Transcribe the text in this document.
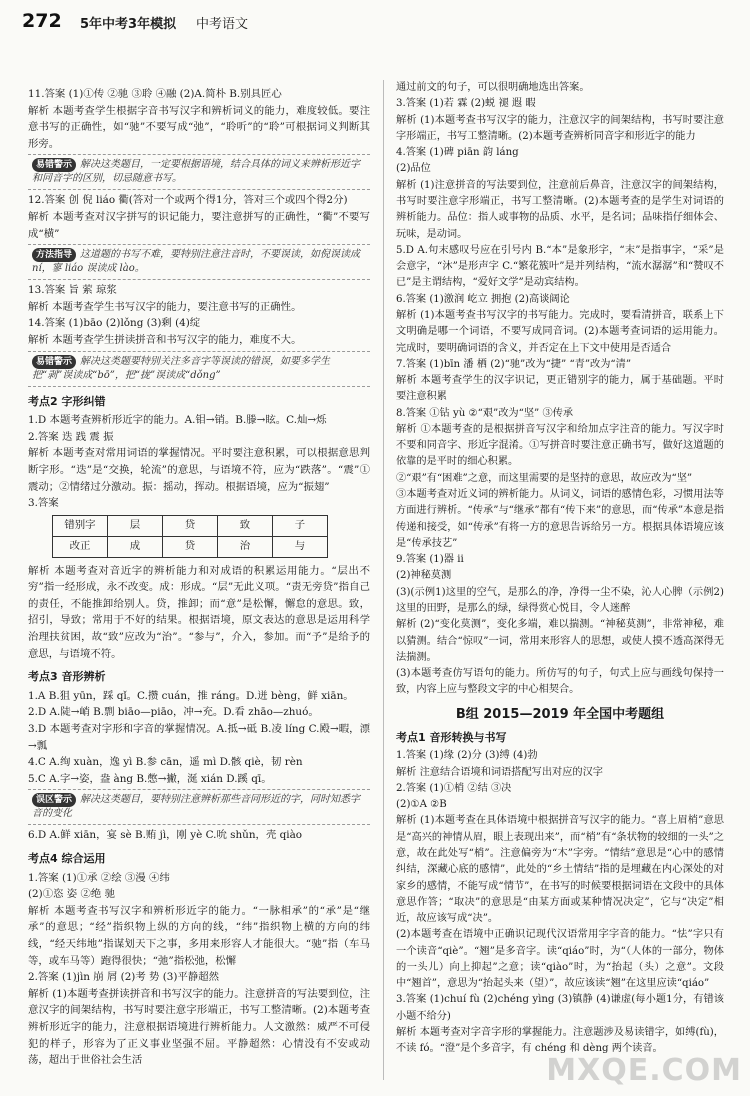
272 5年中考3年模拟 中考语文

11.答案 (1)①传 ②驰 ③聆 ④融 (2)A.简朴 B.别具匠心

解析 本题考查学生根据字音书写汉字和辨析词义的能力，难度较低。要注意书写的正确性，如“驰”不要写成“弛”，“聆听”的“聆”可根据词义判断其形旁。

易错警示 解决这类题目，一定要根据语境，结合具体的词义来辨析形近字和同音字的区别，切忌随意书写。

12.答案 创 倪 liáo 衢(答对一个或两个得1分，答对三个或四个得2分)

解析 本题考查对汉字拼写的识记能力，要注意拼写的正确性，“衢”不要写成“横”

方法指导 这道题的书写不难，要特别注意注音时，不要误读，如倪误读成 ní，寥 liáo 误读成 lào。

13.答案 旨 萦 琼浆

解析 本题考查学生书写汉字的能力，要注意书写的正确性。

14.答案 (1)bāo (2)lǒng (3)剩 (4)绽

解析 本题考查学生拼读拼音和书写汉字的能力，难度不大。

易错警示 解决这类题要特别关注多音字等误读的错误，如要多学生把“剥”误读成“bō”，把“拢”误读成“dǒng”
考点2 字形纠错

1.D 本题考查辨析形近字的能力。A.钼→销。B.滕→眩。C.灿→烁

2.答案 迭 践 震 振

解析 本题考查对常用词语的掌握情况。平时要注意积累，可以根据意思判断字形。“迭”是“交换，轮流”的意思，与语境不符，应为“跌落”。“震”①震动；②情绪过分激动。振：摇动，挥动。根据语境，应为“振翅”

3.答案

错别字	层	贷	致	子
改正	成	贷	治	与

解析 本题考查对音近字的辨析能力和对成语的积累运用能力。“层出不穷”指一经形成，永不改变。成：形成。“层”无此义项。“责无旁贷”指自己的责任，不能推卸给别人。贷，推卸；而“意”是松懈，懈怠的意思。致，招引，导致；常用于不好的结果。根据语境，原文表达的意思是运用科学治理扶贫困，故“致”应改为“治”。“参与”，介入，参加。而“予”是给予的意思，与语境不符。

考点3 音形辨析

1.A B.狙 yūn，踩 qǐ。C.攒 cuán，推 ráng。D.迸 bèng，鲜 xiān。

2.D A.陡→峭 B.剽 biāo—piāo，冲→充。D.看 zhāo—zhuó。

3.D 本题考查对字形和字音的掌握情况。A.抵→砥 B.凌 líng C.殿→暇，漂→瓢

4.C A.绚 xuàn，逸 yì B.参 cān，遥 mì D.骸 qiè，韧 rèn

5.C A.字→姿，盎 àng B.憋→撇，涎 xián D.蹊 qī。

误区警示 解决这类题目，要特别注意辨析那些音同形近的字，同时知悉字音的变化

6.D A.鲜 xiān，宴 sè B.贿 jì，刚 yè C.吮 shǔn，壳 qiào

考点4 综合运用

1.答案 (1)①承 ②绘 ③漫 ④纬

(2)①恣 姿 ②绝 驰

解析 本题考查书写汉字和辨析形近字的能力。“一脉相承”的“承”是“继承”的意思；“经”指织物上纵的方向的线，“纬”指织物上横的方向的纬线，“经天纬地”指谋划天下之事，多用来形容人才能很大。“驰”指（车马等，或车马等）跑得很快；“弛”指松弛，松懈

2.答案 (1)jìn 崩 屑 (2)考 势 (3)平静超然

解析 (1)本题考查拼读拼音和书写汉字的能力。注意拼音的写法要到位，注意汉字的间架结构，书写时要注意字形端正，书写工整清晰。(2)本题考查辨析形近字的能力，注意根据语境进行辨析能力。人文激然：威严不可侵犯的样子，形容为了正义事业坚强不屈。平静超然：心情没有不安或动荡，超出于世俗社会生活

通过前文的句子，可以很明确地选出答案。

3.答案 (1)若 霖 (2)蜕 褪 遐 暇

解析 (1)本题考查书写汉字的能力，注意汉字的间架结构，书写时要注意字形端正，书写工整清晰。(2)本题考查辨析同音字和形近字的能力

4.答案 (1)碑 piān 韵 láng

(2)品位

解析 (1)注意拼音的写法要到位，注意前后鼻音，注意汉字的间架结构，书写时要注意字形端正，书写工整清晰。(2)本题考查的是学生对词语的辨析能力。品位：指人或事物的品质、水平，是名词；品味指仔细体会、玩味，是动词。

5.D A.句末感叹号应在引号内 B.“本”是象形字，“末”是指事字，“采”是会意字，“沐”是形声字 C.“繁花簇叶”是并列结构，“流水潺潺”和“赞叹不已”是主谓结构，“爱好文学”是动宾结构。

6.答案 (1)激润 屹立 拥抱 (2)高谈阔论

解析 (1)本题考查书写汉字的书写能力。完成时，要看清拼音，联系上下文明确是哪一个词语，不要写成同音词。(2)本题考查词语的运用能力。完成时，要明确词语的含义，并否定在上下文中使用是否适合

7.答案 (1)bīn 潘 栖 (2)“驰”改为“捷” “青”改为“清”

解析 本题考查学生的汉字识记，更正错别字的能力，属于基础题。平时要注意积累

8.答案 ①钻 yù ②“艰”改为“坚” ③传承

解析 ①本题考查的是根据拼音写汉字和给加点字注音的能力。写汉字时不要和同音字、形近字混淆。①写拼音时要注意正确书写，做好这道题的依靠的是平时的细心积累。

②“艰”有“困难”之意，而这里需要的是坚持的意思，故应改为“坚”

③本题考查对近义词的辨析能力。从词义，词语的感情色彩，习惯用法等方面进行辨析。“传承”与“继承”都有“传下来”的意思，而“传承”本意是指传递和接受，如“传承”有将一方的意思告诉给另一方。根据具体语境应该是“传承技艺”

9.答案 (1)器 ⅱ

(2)神秘莫测

(3)(示例1)这里的空气，是那么的净，净得一尘不染，沁人心脾（示例2)这里的田野，是那么的绿，绿得赏心悦目，令人迷醉

解析 (2)“变化莫测”，变化多端，难以揣测。“神秘莫测”，非常神秘，难以猜测。结合“惊叹”一词，常用来形容人的思想，或使人摸不透高深得无法揣测。

(3)本题考查仿写语句的能力。所仿写的句子，句式上应与画线句保持一致，内容上应与整段文字的中心相契合。

B组 2015—2019 年全国中考题组
考点1 音形转换与书写

1.答案 (1)缘 (2)分 (3)缚 (4)勃

解析 注意结合语境和词语搭配写出对应的汉字

2.答案 (1)①梢 ②结 ③决

(2)①A ②B

解析 (1)本题考查在具体语境中根据拼音写汉字的能力。“喜上眉梢”意思是“高兴的神情从眉，眼上表现出来”，而“梢”有“条状物的较细的一头”之意，故在此处写“梢”。注意偏旁为“木”字旁。“情结”意思是“心中的感情纠结，深藏心底的感情”，此处的“乡土情结”指的是埋藏在内心深处的对家乡的感情，不能写成“情节”，在书写的时候要根据词语在文段中的具体意思作答；“取决”的意思是“由某方面或某种情况决定”，它与“决定”相近，故应该写成“决”。

(2)本题考查在语境中正确识记现代汉语常用字字音的能力。“怯”字只有一个读音“qiè”。“翘”是多音字。读“qiáo”时，为“（人体的一部分，物体的一头儿）向上抑起”之意；读“qiào”时，为“抬起（头）之意”。文段中“翘首”，意思为“抬起头来（望）”，故应该读“翘”在这里应读“qiáo”

3.答案 (1)chuí fù (2)chéng yìng (3)镇静 (4)谦虚(每小题1分，有错该小题不给分)

解析 本题考查对字音字形的掌握能力。注意题涉及易读错字，如缚(fù)，不读 fó。“澄”是个多音字，有 chéng 和 dèng 两个读音。

MXQE.COM
